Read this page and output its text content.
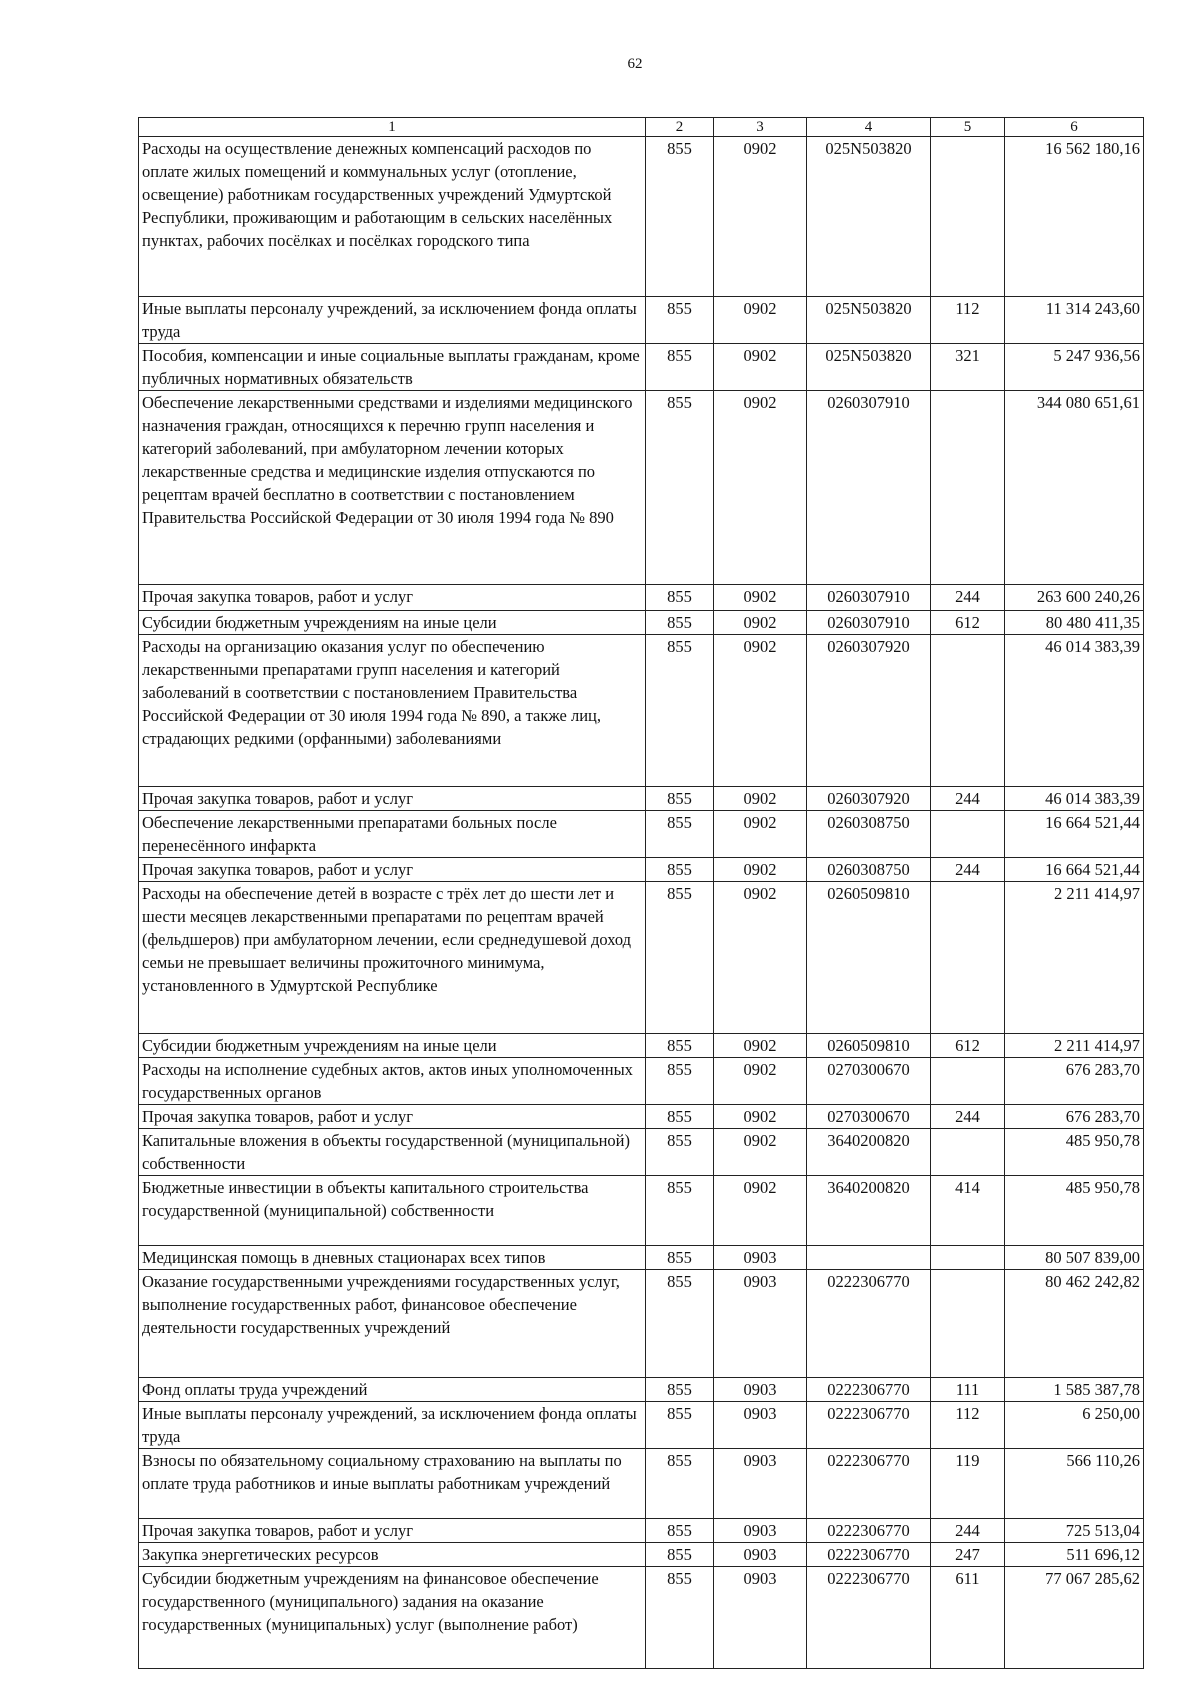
62
1	2	3	4	5	6
Расходы на осуществление денежных компенсаций расходов по оплате жилых помещений и коммунальных услуг (отопление, освещение) работникам государственных учреждений Удмуртской Республики, проживающим и работающим в сельских населённых пунктах, рабочих посёлках и посёлках городского типа	855	0902	025N503820		16 562 180,16
Иные выплаты персоналу учреждений, за исключением фонда оплаты труда	855	0902	025N503820	112	11 314 243,60
Пособия, компенсации и иные социальные выплаты гражданам, кроме публичных нормативных обязательств	855	0902	025N503820	321	5 247 936,56
Обеспечение лекарственными средствами и изделиями медицинского назначения граждан, относящихся к перечню групп населения и категорий заболеваний, при амбулаторном лечении которых лекарственные средства и медицинские изделия отпускаются по рецептам врачей бесплатно в соответствии с постановлением Правительства Российской Федерации от 30 июля 1994 года № 890	855	0902	0260307910		344 080 651,61
Прочая закупка товаров, работ и услуг	855	0902	0260307910	244	263 600 240,26
Субсидии бюджетным учреждениям на иные цели	855	0902	0260307910	612	80 480 411,35
Расходы на организацию оказания услуг по обеспечению лекарственными препаратами групп населения и категорий заболеваний в соответствии с постановлением Правительства Российской Федерации от 30 июля 1994 года № 890, а также лиц, страдающих редкими (орфанными) заболеваниями	855	0902	0260307920		46 014 383,39
Прочая закупка товаров, работ и услуг	855	0902	0260307920	244	46 014 383,39
Обеспечение лекарственными препаратами больных после перенесённого инфаркта	855	0902	0260308750		16 664 521,44
Прочая закупка товаров, работ и услуг	855	0902	0260308750	244	16 664 521,44
Расходы на обеспечение детей в возрасте с трёх лет до шести лет и шести месяцев лекарственными препаратами по рецептам врачей (фельдшеров) при амбулаторном лечении, если среднедушевой доход семьи не превышает величины прожиточного минимума, установленного в Удмуртской Республике	855	0902	0260509810		2 211 414,97
Субсидии бюджетным учреждениям на иные цели	855	0902	0260509810	612	2 211 414,97
Расходы на исполнение судебных актов, актов иных уполномоченных государственных органов	855	0902	0270300670		676 283,70
Прочая закупка товаров, работ и услуг	855	0902	0270300670	244	676 283,70
Капитальные вложения в объекты государственной (муниципальной) собственности	855	0902	3640200820		485 950,78
Бюджетные инвестиции в объекты капитального строительства государственной (муниципальной) собственности	855	0902	3640200820	414	485 950,78
Медицинская помощь в дневных стационарах всех типов	855	0903			80 507 839,00
Оказание государственными учреждениями государственных услуг, выполнение государственных работ, финансовое обеспечение деятельности государственных учреждений	855	0903	0222306770		80 462 242,82
Фонд оплаты труда учреждений	855	0903	0222306770	111	1 585 387,78
Иные выплаты персоналу учреждений, за исключением фонда оплаты труда	855	0903	0222306770	112	6 250,00
Взносы по обязательному социальному страхованию на выплаты по оплате труда работников и иные выплаты работникам учреждений	855	0903	0222306770	119	566 110,26
Прочая закупка товаров, работ и услуг	855	0903	0222306770	244	725 513,04
Закупка энергетических ресурсов	855	0903	0222306770	247	511 696,12
Субсидии бюджетным учреждениям на финансовое обеспечение государственного (муниципального) задания на оказание государственных (муниципальных) услуг (выполнение работ)	855	0903	0222306770	611	77 067 285,62
